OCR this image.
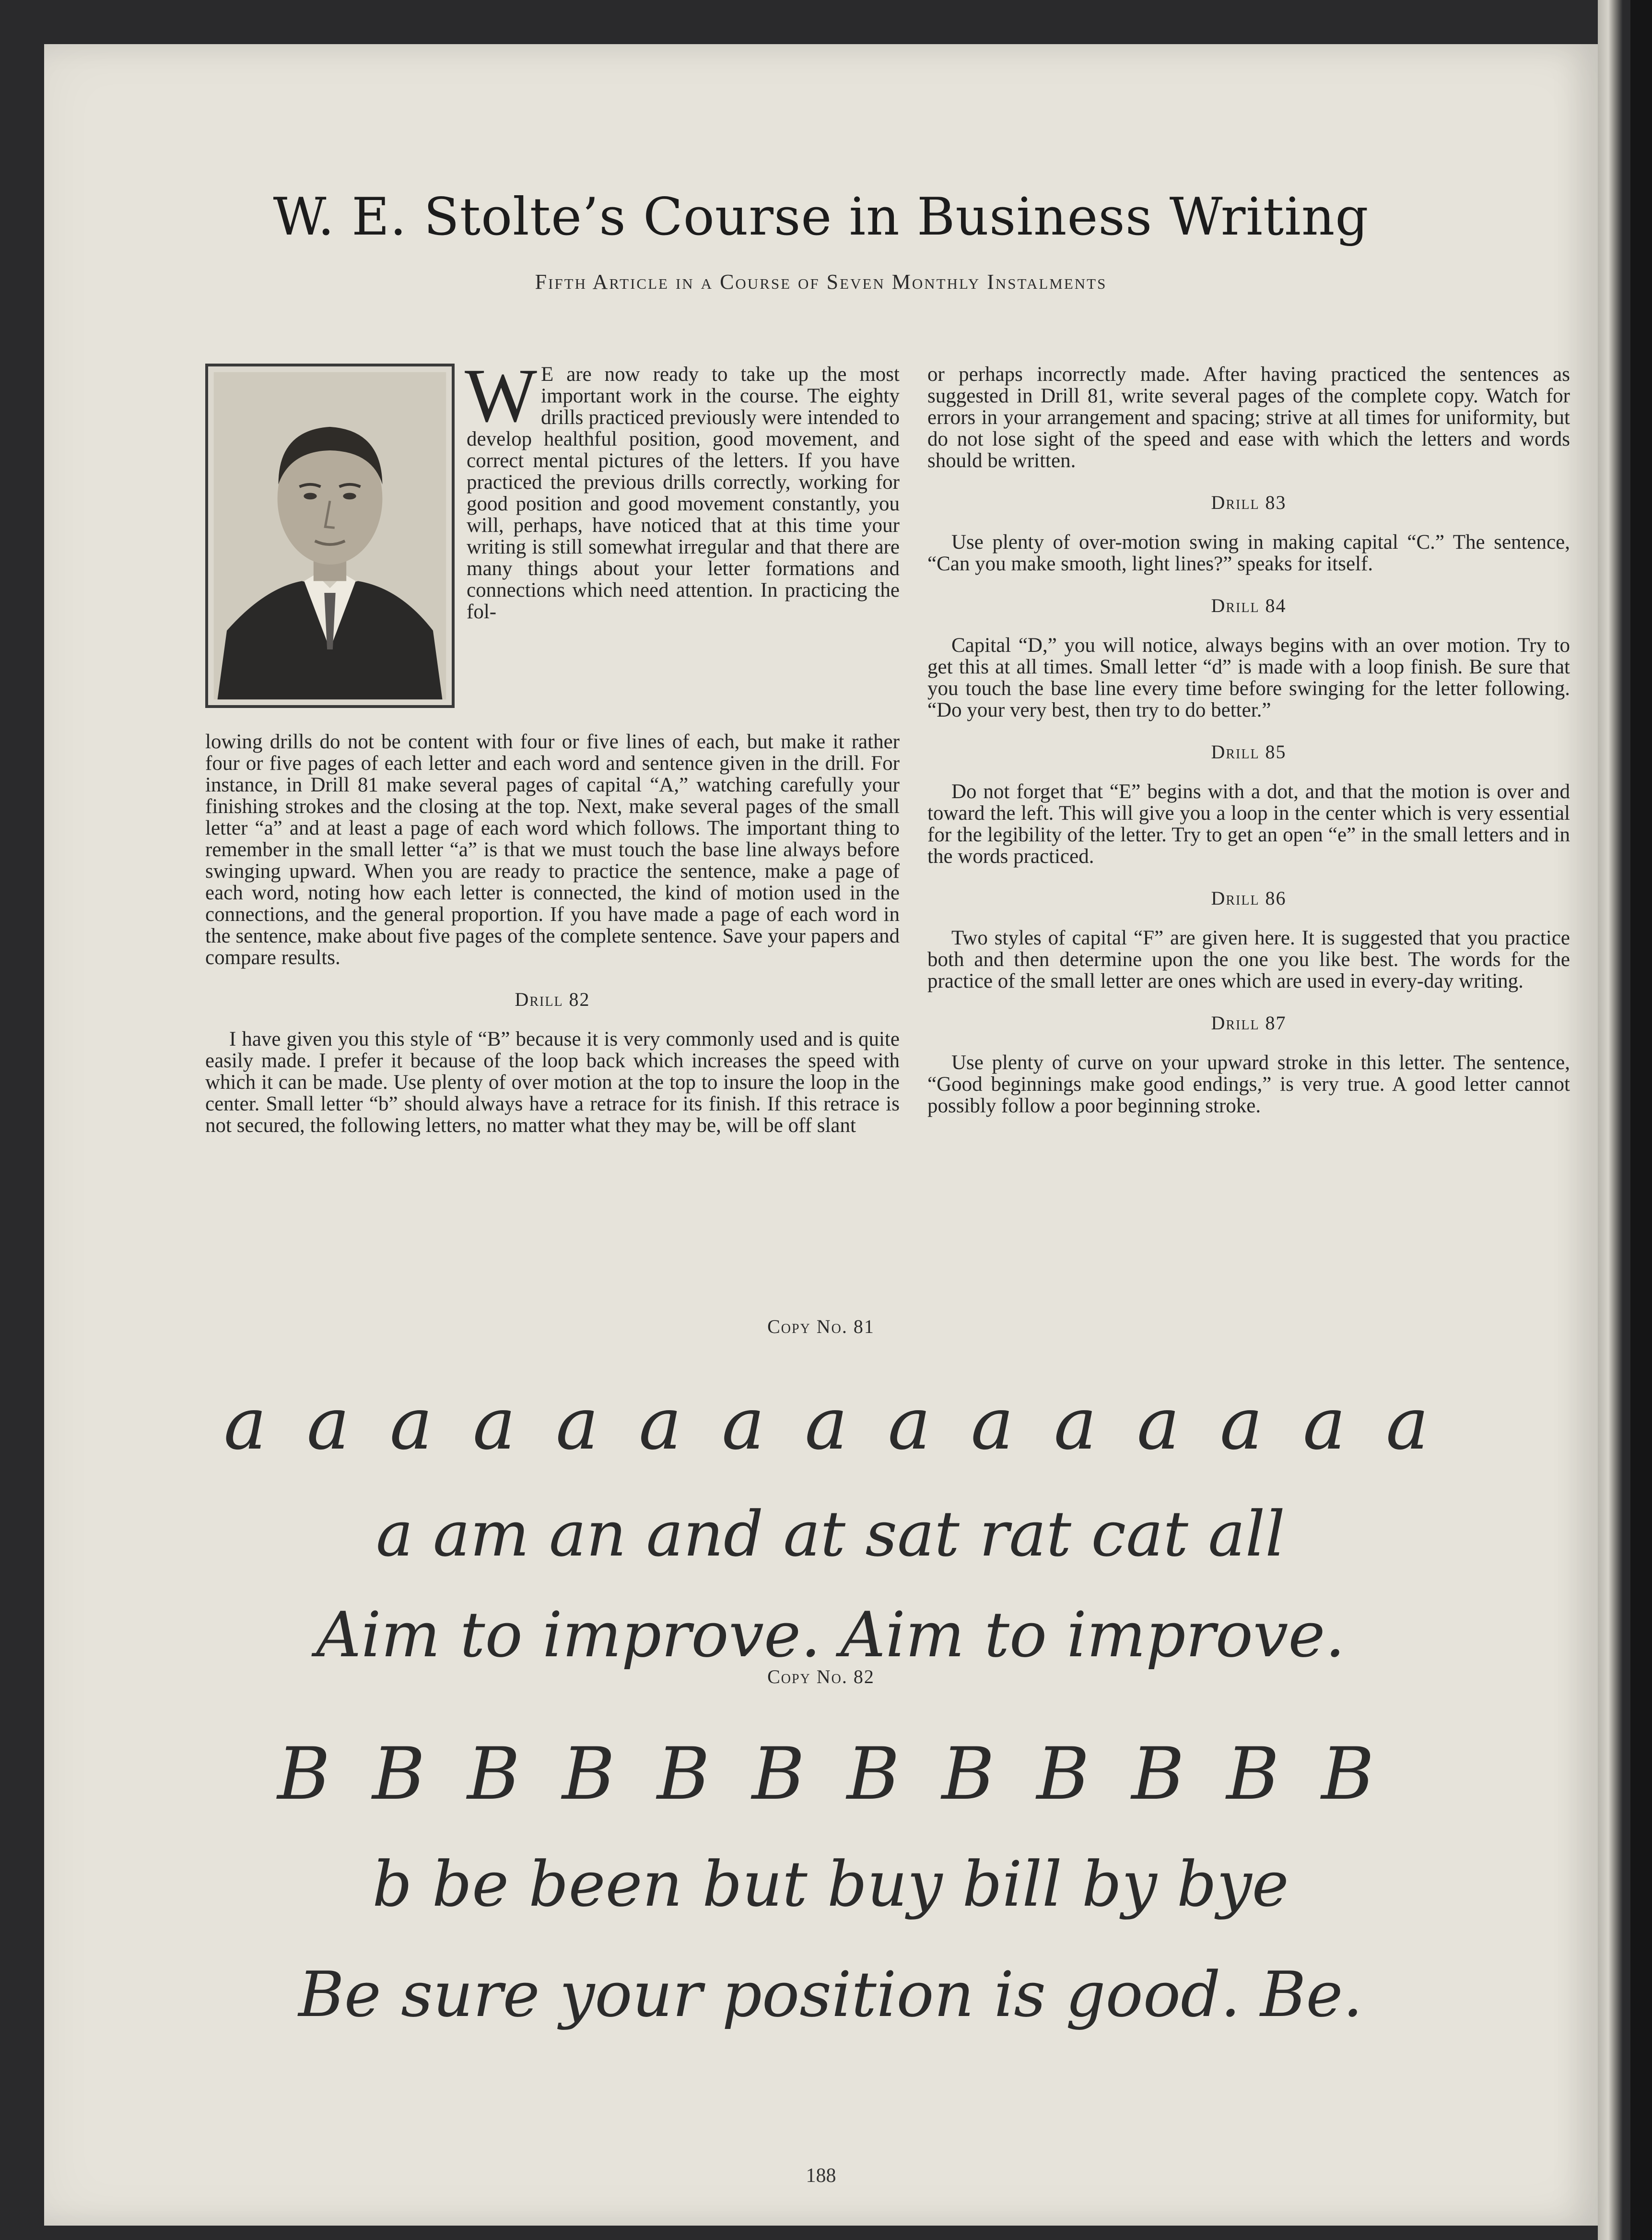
W. E. Stolte’s Course in Business Writing
Fifth Article in a Course of Seven Monthly Instalments

W E are now ready to take up the most important work in the course. The eighty drills practiced previously were intended to develop healthful position, good movement, and correct mental pictures of the letters. If you have practiced the previous drills correctly, working for good position and good movement constantly, you will, perhaps, have noticed that at this time your writing is still somewhat irregular and that there are many things about your letter formations and connections which need attention. In practicing the fol-

lowing drills do not be content with four or five lines of each, but make it rather four or five pages of each letter and each word and sentence given in the drill. For instance, in Drill 81 make several pages of capital “A,” watching carefully your finishing strokes and the closing at the top. Next, make several pages of the small letter “a” and at least a page of each word which follows. The important thing to remember in the small letter “a” is that we must touch the base line always before swinging upward. When you are ready to practice the sentence, make a page of each word, noting how each letter is connected, the kind of motion used in the connections, and the general proportion. If you have made a page of each word in the sentence, make about five pages of the complete sentence. Save your papers and compare results.

Drill 82

I have given you this style of “B” because it is very commonly used and is quite easily made. I prefer it because of the loop back which increases the speed with which it can be made. Use plenty of over motion at the top to insure the loop in the center. Small letter “b” should always have a retrace for its finish. If this retrace is not secured, the following letters, no matter what they may be, will be off slant

or perhaps incorrectly made. After having practiced the sentences as suggested in Drill 81, write several pages of the complete copy. Watch for errors in your arrangement and spacing; strive at all times for uniformity, but do not lose sight of the speed and ease with which the letters and words should be written.

Drill 83

Use plenty of over-motion swing in making capital “C.” The sentence, “Can you make smooth, light lines?” speaks for itself.

Drill 84

Capital “D,” you will notice, always begins with an over motion. Try to get this at all times. Small letter “d” is made with a loop finish. Be sure that you touch the base line every time before swinging for the letter following. “Do your very best, then try to do better.”

Drill 85

Do not forget that “E” begins with a dot, and that the motion is over and toward the left. This will give you a loop in the center which is very essential for the legibility of the letter. Try to get an open “e” in the small letters and in the words practiced.

Drill 86

Two styles of capital “F” are given here. It is suggested that you practice both and then determine upon the one you like best. The words for the practice of the small letter are ones which are used in every-day writing.

Drill 87

Use plenty of curve on your upward stroke in this letter. The sentence, “Good beginnings make good endings,” is very true. A good letter cannot possibly follow a poor beginning stroke.

Copy No. 81
a a a a a a a a a a a a a a a
a am an and at sat rat cat all
Aim to improve. Aim to improve.
Copy No. 82
B B B B B B B B B B B B
b be been but buy bill by bye
Be sure your position is good. Be.
188
